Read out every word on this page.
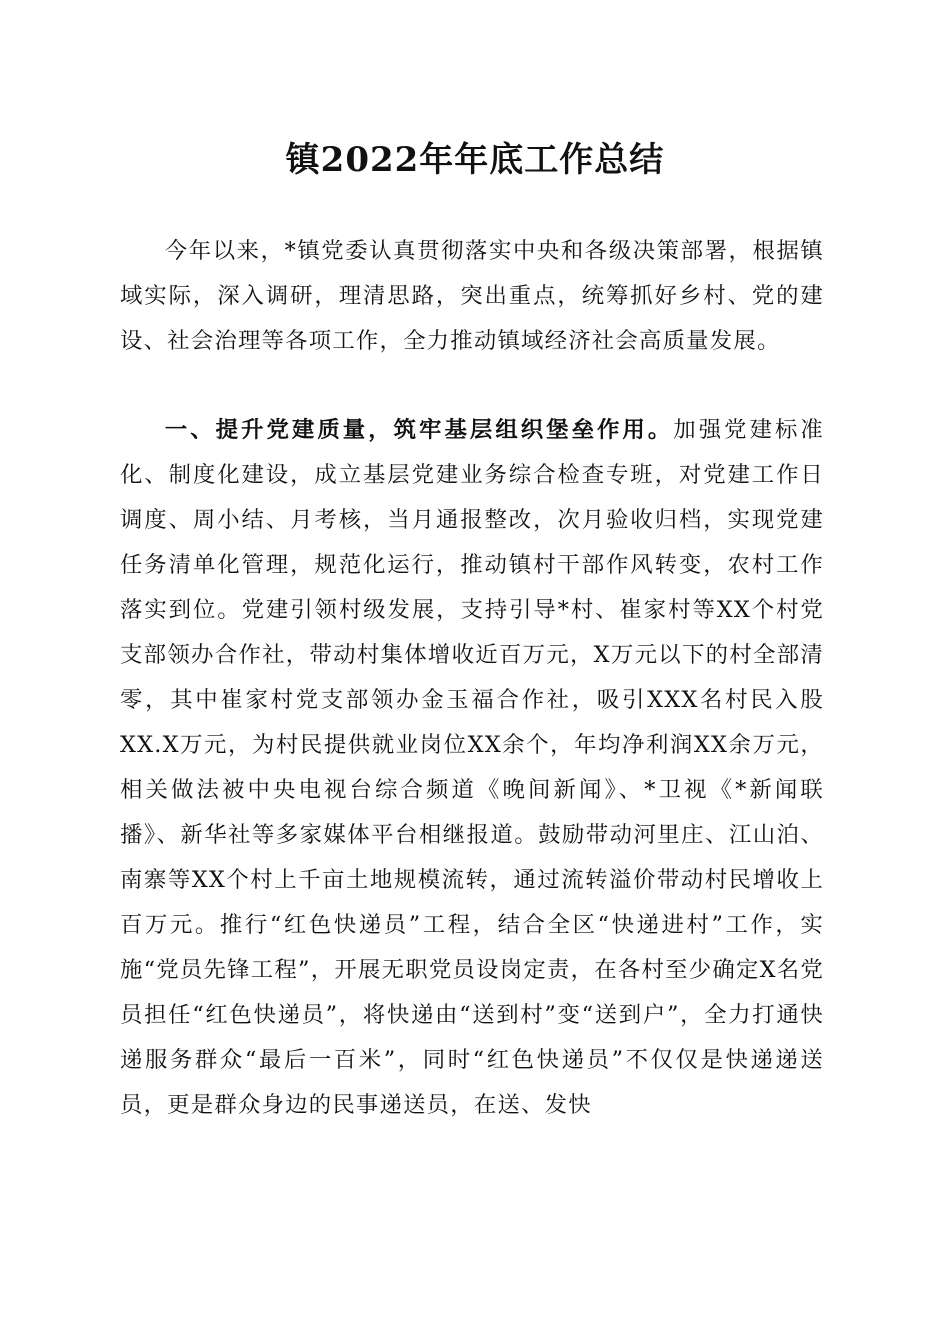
镇2022年年底工作总结

今年以来，*镇党委认真贯彻落实中央和各级决策部署，根据镇域实际，深入调研，理清思路，突出重点，统筹抓好乡村、党的建设、社会治理等各项工作，全力推动镇域经济社会高质量发展。

一、提升党建质量，筑牢基层组织堡垒作用。加强党建标准化、制度化建设，成立基层党建业务综合检查专班，对党建工作日调度、周小结、月考核，当月通报整改，次月验收归档，实现党建任务清单化管理，规范化运行，推动镇村干部作风转变，农村工作落实到位。党建引领村级发展，支持引导*村、崔家村等XX个村党支部领办合作社，带动村集体增收近百万元，X万元以下的村全部清零，其中崔家村党支部领办金玉福合作社，吸引XXX名村民入股XX.X万元，为村民提供就业岗位XX余个，年均净利润XX余万元，相关做法被中央电视台综合频道《晚间新闻》、*卫视《*新闻联播》、新华社等多家媒体平台相继报道。鼓励带动河里庄、江山泊、南寨等XX个村上千亩土地规模流转，通过流转溢价带动村民增收上百万元。推行“红色快递员”工程，结合全区“快递进村”工作，实施“党员先锋工程”，开展无职党员设岗定责，在各村至少确定X名党员担任“红色快递员”，将快递由“送到村”变“送到户”，全力打通快递服务群众“最后一百米”，同时“红色快递员”不仅仅是快递递送员，更是群众身边的民事递送员，在送、发快
